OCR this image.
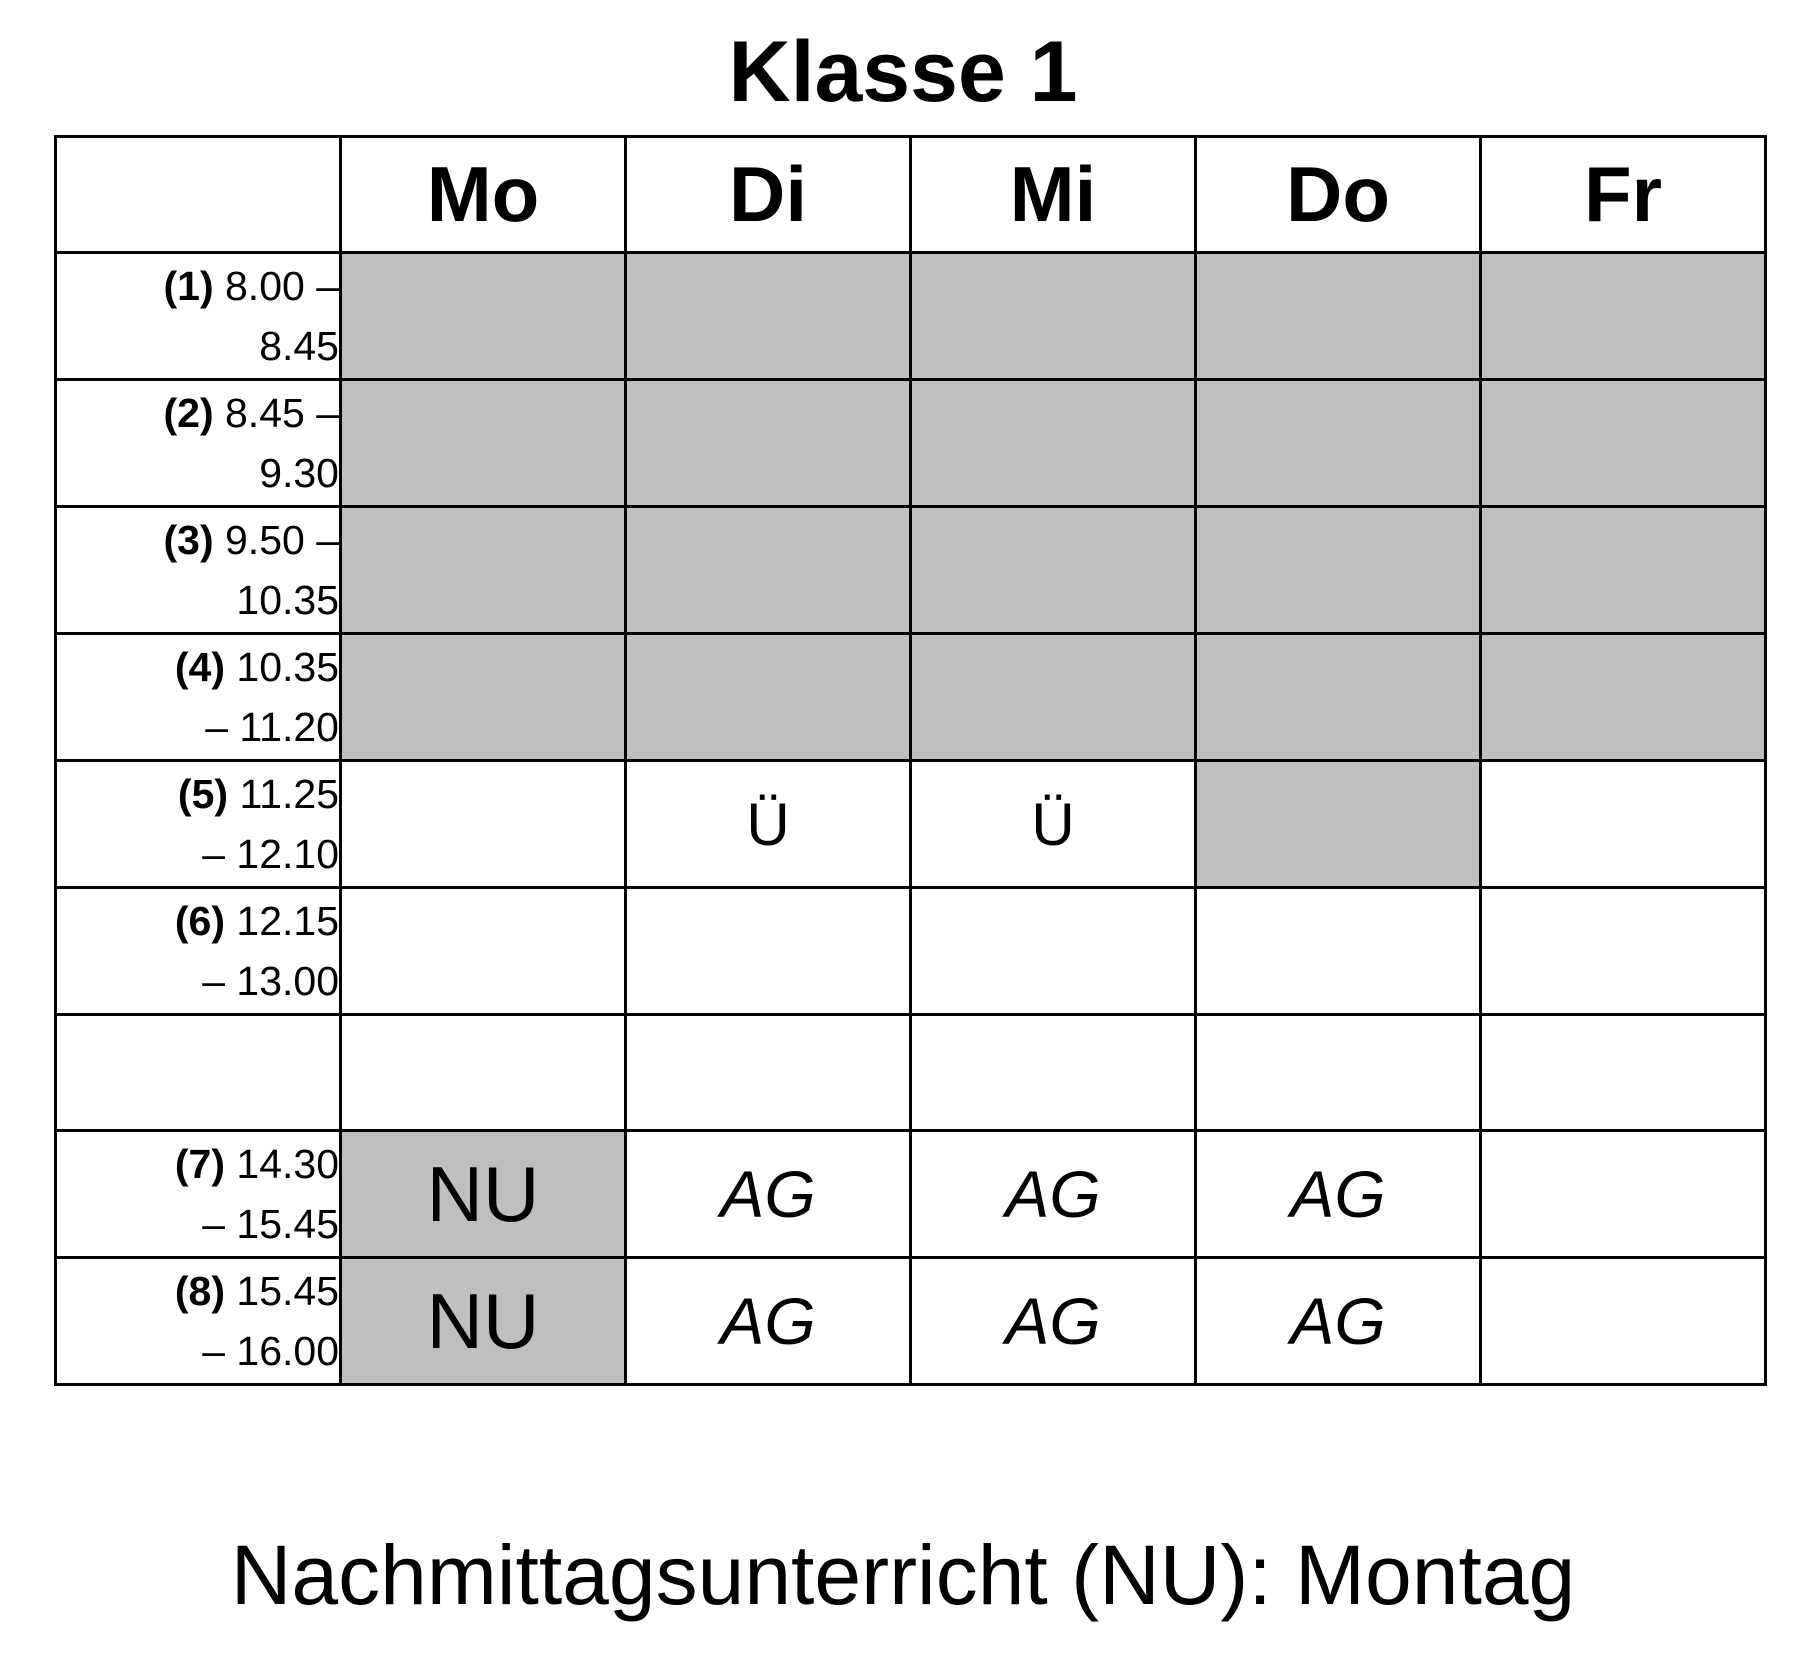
Klasse 1
	Mo	Di	Mi	Do	Fr
(1) 8.00 –
8.45					
(2) 8.45 –
9.30					
(3) 9.50 –
10.35					
(4) 10.35
– 11.20					
(5) 11.25
– 12.10		Ü	Ü		
(6) 12.15
– 13.00					

(7) 14.30
– 15.45	NU	AG	AG	AG	
(8) 15.45
– 16.00	NU	AG	AG	AG	
Nachmittagsunterricht (NU): Montag
